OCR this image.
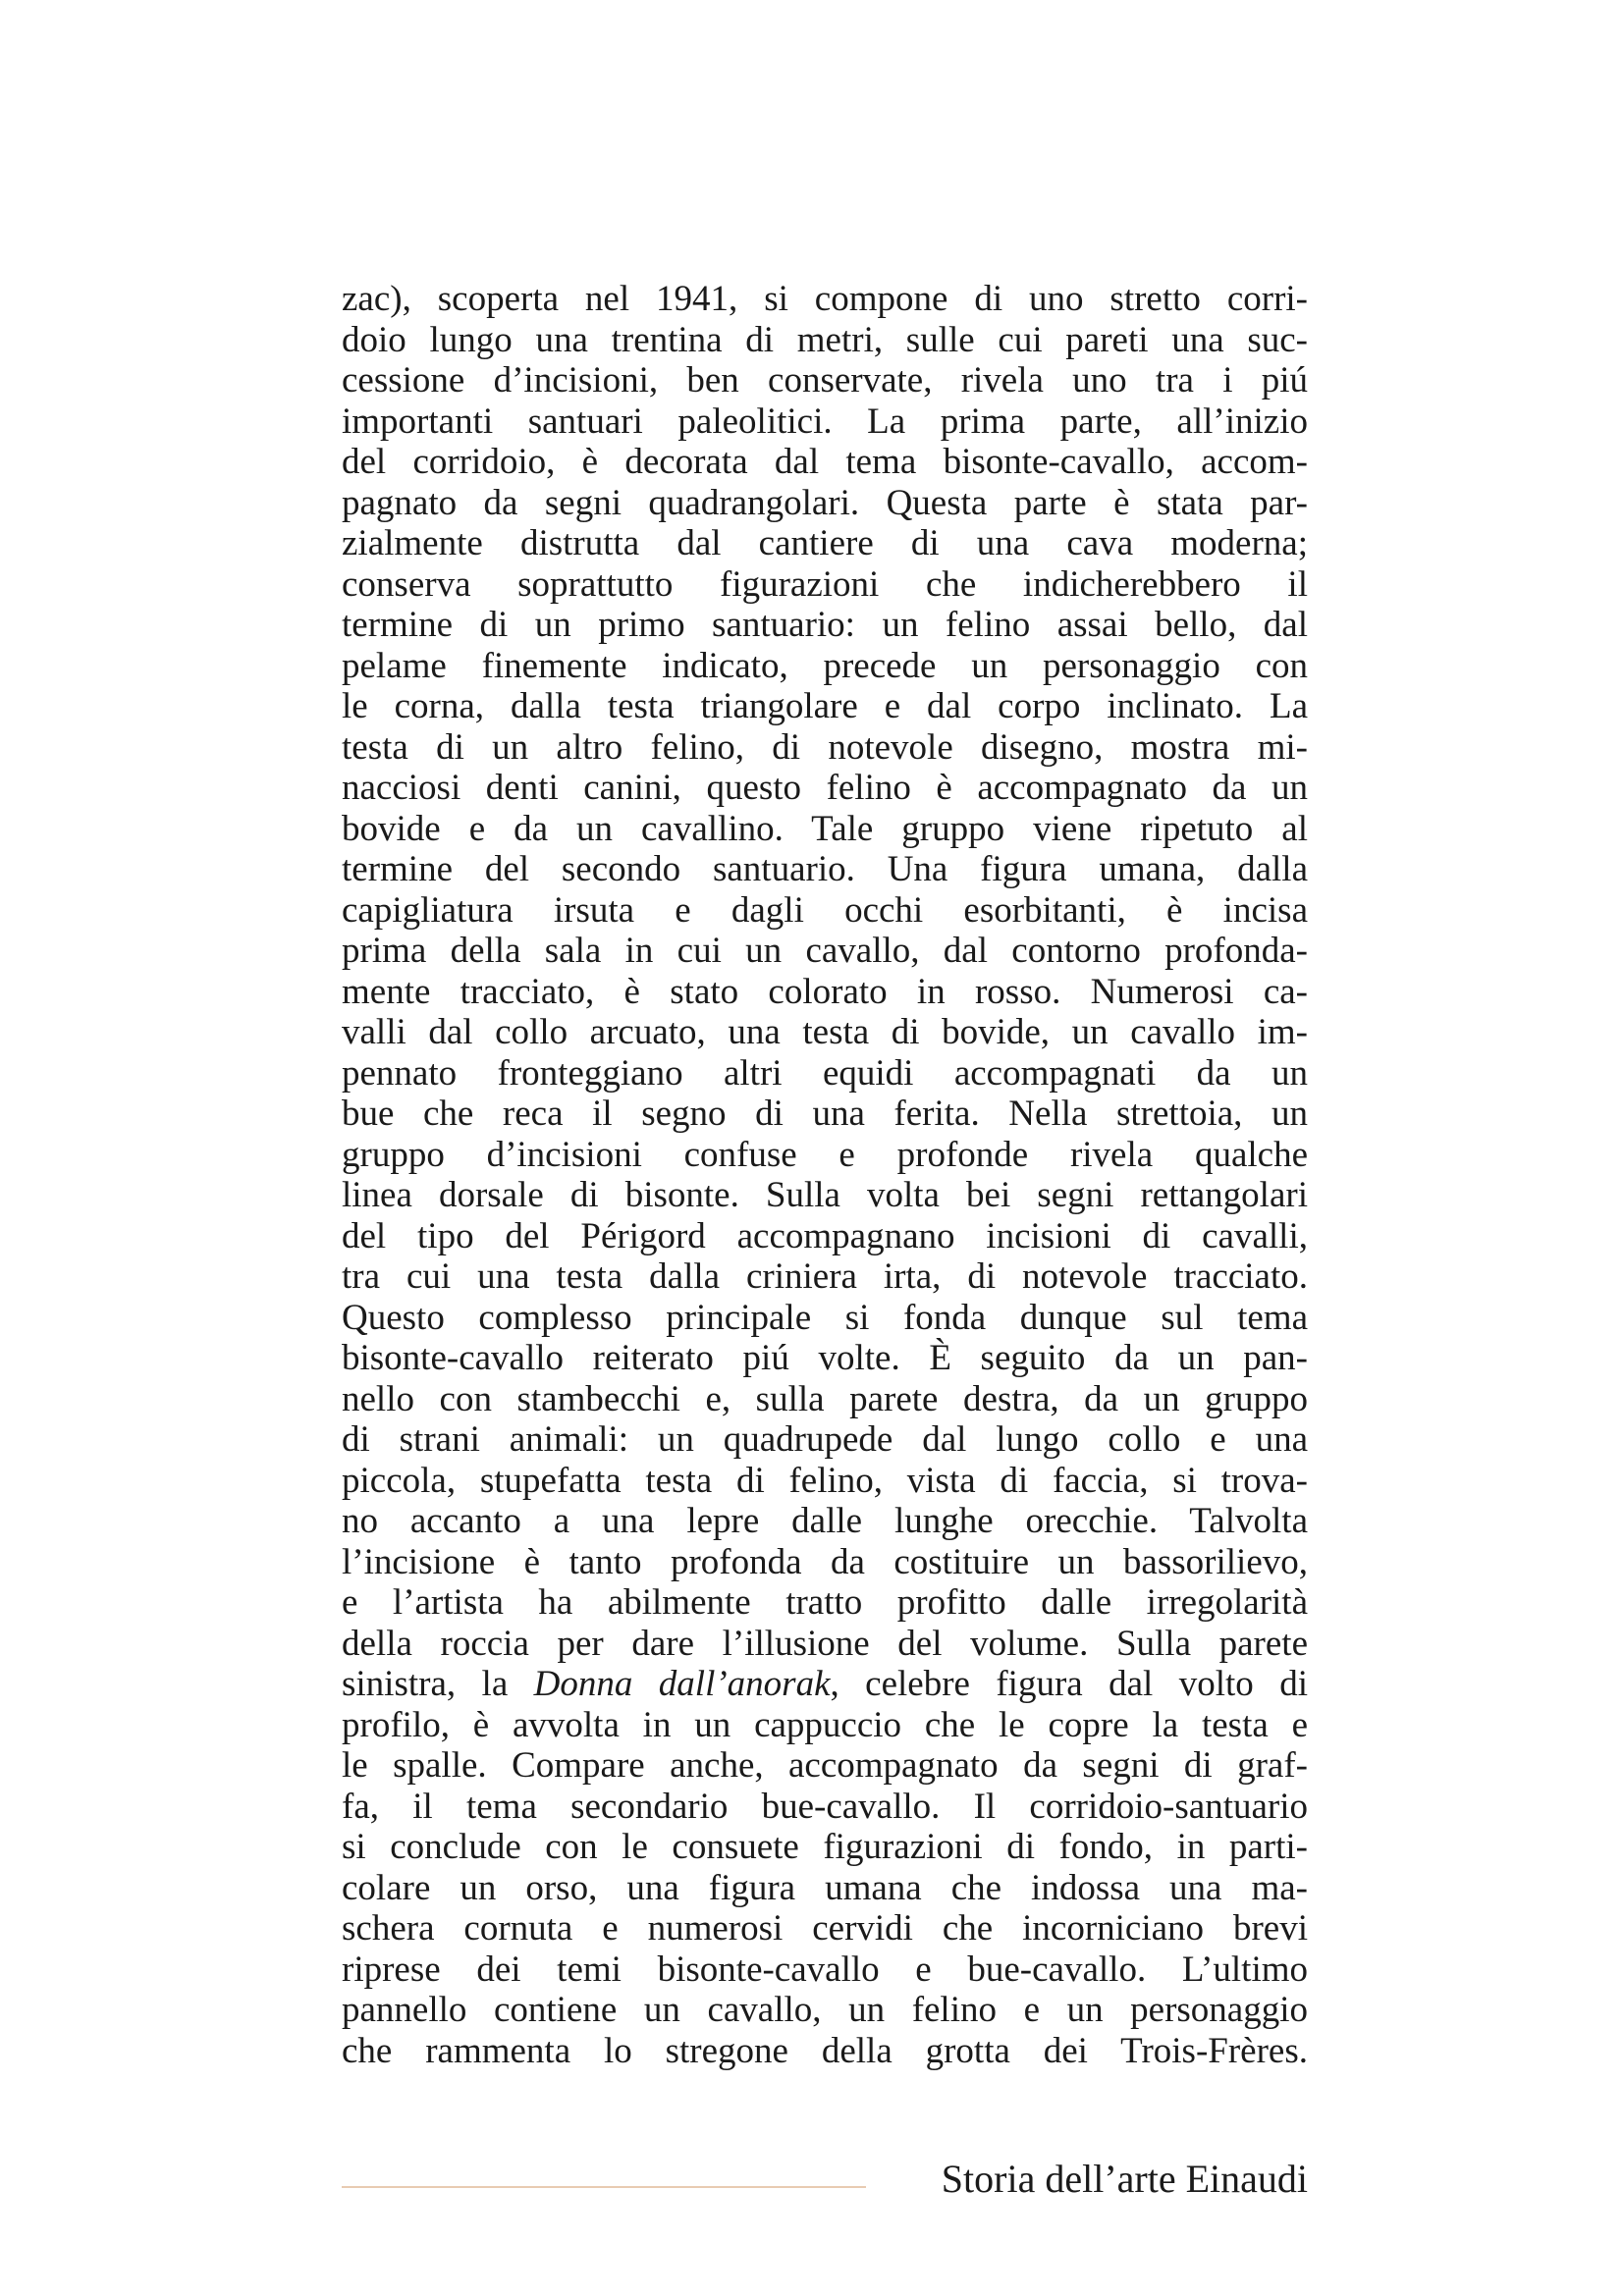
zac), scoperta nel 1941, si compone di uno stretto corri-
doio lungo una trentina di metri, sulle cui pareti una suc-
cessione d’incisioni, ben conservate, rivela uno tra i piú
importanti santuari paleolitici. La prima parte, all’inizio
del corridoio, è decorata dal tema bisonte-cavallo, accom-
pagnato da segni quadrangolari. Questa parte è stata par-
zialmente distrutta dal cantiere di una cava moderna;
conserva soprattutto figurazioni che indicherebbero il
termine di un primo santuario: un felino assai bello, dal
pelame finemente indicato, precede un personaggio con
le corna, dalla testa triangolare e dal corpo inclinato. La
testa di un altro felino, di notevole disegno, mostra mi-
nacciosi denti canini, questo felino è accompagnato da un
bovide e da un cavallino. Tale gruppo viene ripetuto al
termine del secondo santuario. Una figura umana, dalla
capigliatura irsuta e dagli occhi esorbitanti, è incisa
prima della sala in cui un cavallo, dal contorno profonda-
mente tracciato, è stato colorato in rosso. Numerosi ca-
valli dal collo arcuato, una testa di bovide, un cavallo im-
pennato fronteggiano altri equidi accompagnati da un
bue che reca il segno di una ferita. Nella strettoia, un
gruppo d’incisioni confuse e profonde rivela qualche
linea dorsale di bisonte. Sulla volta bei segni rettangolari
del tipo del Périgord accompagnano incisioni di cavalli,
tra cui una testa dalla criniera irta, di notevole tracciato.
Questo complesso principale si fonda dunque sul tema
bisonte-cavallo reiterato piú volte. È seguito da un pan-
nello con stambecchi e, sulla parete destra, da un gruppo
di strani animali: un quadrupede dal lungo collo e una
piccola, stupefatta testa di felino, vista di faccia, si trova-
no accanto a una lepre dalle lunghe orecchie. Talvolta
l’incisione è tanto profonda da costituire un bassorilievo,
e l’artista ha abilmente tratto profitto dalle irregolarità
della roccia per dare l’illusione del volume. Sulla parete
sinistra, la Donna dall’anorak, celebre figura dal volto di
profilo, è avvolta in un cappuccio che le copre la testa e
le spalle. Compare anche, accompagnato da segni di graf-
fa, il tema secondario bue-cavallo. Il corridoio-santuario
si conclude con le consuete figurazioni di fondo, in parti-
colare un orso, una figura umana che indossa una ma-
schera cornuta e numerosi cervidi che incorniciano brevi
riprese dei temi bisonte-cavallo e bue-cavallo. L’ultimo
pannello contiene un cavallo, un felino e un personaggio
che rammenta lo stregone della grotta dei Trois-Frères.
Storia dell’arte Einaudi
